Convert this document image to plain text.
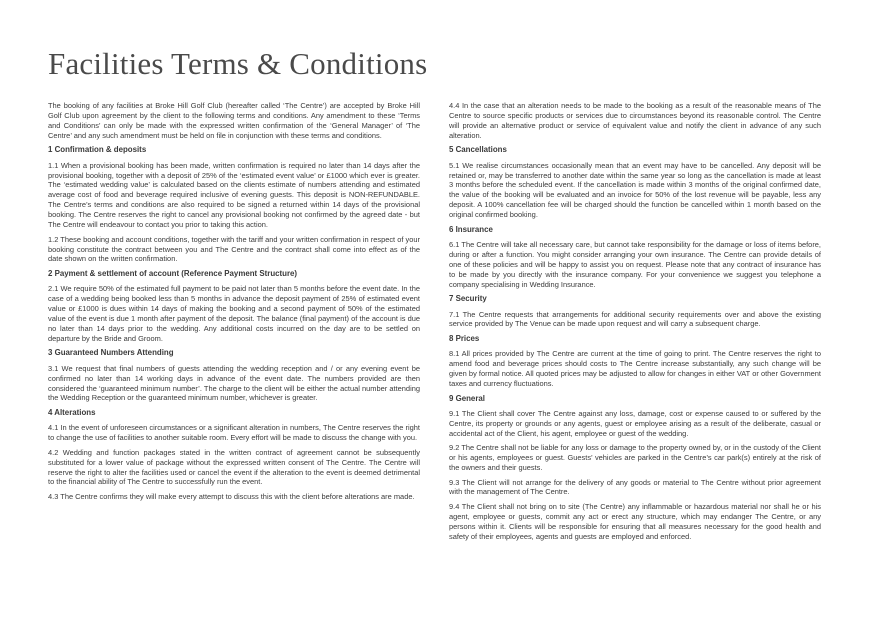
Facilities Terms & Conditions

The booking of any facilities at Broke Hill Golf Club (hereafter called ‘The Centre’) are accepted by Broke Hill Golf Club upon agreement by the client to the following terms and conditions. Any amendment to these ‘Terms and Conditions’ can only be made with the expressed written confirmation of the ‘General Manager’ of ‘The Centre’ and any such amendment must be held on file in conjunction with these terms and conditions.

1 Confirmation & deposits

1.1 When a provisional booking has been made, written confirmation is required no later than 14 days after the provisional booking, together with a deposit of 25% of the ‘estimated event value’ or £1000 which ever is greater. The ‘estimated wedding value’ is calculated based on the clients estimate of numbers attending and estimated average cost of food and beverage required inclusive of evening guests. This deposit is NON-REFUNDABLE. The Centre’s terms and conditions are also required to be signed a returned within 14 days of the provisional booking. The Centre reserves the right to cancel any provisional booking not confirmed by the agreed date - but The Centre will endeavour to contact you prior to taking this action.

1.2 These booking and account conditions, together with the tariff and your written confirmation in respect of your booking constitute the contract between you and The Centre and the contract shall come into effect as of the date shown on the written confirmation.

2 Payment & settlement of account (Reference Payment Structure)

2.1 We require 50% of the estimated full payment to be paid not later than 5 months before the event date. In the case of a wedding being booked less than 5 months in advance the deposit payment of 25% of estimated event value or £1000 is dues within 14 days of making the booking and a second payment of 50% of the estimated value of the event is due 1 month after payment of the deposit. The balance (final payment) of the account is due no later than 14 days prior to the wedding. Any additional costs incurred on the day are to be settled on departure by the Bride and Groom.

3 Guaranteed Numbers Attending

3.1 We request that final numbers of guests attending the wedding reception and / or any evening event be confirmed no later than 14 working days in advance of the event date. The numbers provided are then considered the ‘guaranteed minimum number’. The charge to the client will be either the actual number attending the Wedding Reception or the guaranteed minimum number, whichever is greater.

4 Alterations

4.1 In the event of unforeseen circumstances or a significant alteration in numbers, The Centre reserves the right to change the use of facilities to another suitable room. Every effort will be made to discuss the change with you.

4.2 Wedding and function packages stated in the written contract of agreement cannot be subsequently substituted for a lower value of package without the expressed written consent of The Centre. The Centre will reserve the right to alter the facilities used or cancel the event if the alteration to the event is deemed detrimental to the financial ability of The Centre to successfully run the event.

4.3 The Centre confirms they will make every attempt to discuss this with the client before alterations are made.

4.4 In the case that an alteration needs to be made to the booking as a result of the reasonable means of The Centre to source specific products or services due to circumstances beyond its reasonable control. The Centre will provide an alternative product or service of equivalent value and notify the client in advance of any such alteration.

5 Cancellations

5.1 We realise circumstances occasionally mean that an event may have to be cancelled. Any deposit will be retained or, may be transferred to another date within the same year so long as the cancellation is made at least 3 months before the scheduled event. If the cancellation is made within 3 months of the original confirmed date, the value of the booking will be evaluated and an invoice for 50% of the lost revenue will be payable, less any deposit. A 100% cancellation fee will be charged should the function be cancelled within 1 month based on the original confirmed booking.

6 Insurance

6.1 The Centre will take all necessary care, but cannot take responsibility for the damage or loss of items before, during or after a function. You might consider arranging your own insurance. The Centre can provide details of one of these policies and will be happy to assist you on request. Please note that any contract of insurance has to be made by you directly with the insurance company. For your convenience we suggest you telephone a company specialising in Wedding Insurance.

7 Security

7.1 The Centre requests that arrangements for additional security requirements over and above the existing service provided by The Venue can be made upon request and will carry a subsequent charge.

8 Prices

8.1 All prices provided by The Centre are current at the time of going to print. The Centre reserves the right to amend food and beverage prices should costs to The Centre increase substantially, any such change will be given by formal notice. All quoted prices may be adjusted to allow for changes in either VAT or other Government taxes and currency fluctuations.

9 General

9.1 The Client shall cover The Centre against any loss, damage, cost or expense caused to or suffered by the Centre, its property or grounds or any agents, guest or employee arising as a result of the deliberate, casual or accidental act of the Client, his agent, employee or guest of the wedding.

9.2 The Centre shall not be liable for any loss or damage to the property owned by, or in the custody of the Client or his agents, employees or guest. Guests’ vehicles are parked in the Centre’s car park(s) entirely at the risk of the owners and their guests.

9.3 The Client will not arrange for the delivery of any goods or material to The Centre without prior agreement with the management of The Centre.

9.4 The Client shall not bring on to site (The Centre) any inflammable or hazardous material nor shall he or his agent, employee or guests, commit any act or erect any structure, which may endanger The Centre, or any persons within it. Clients will be responsible for ensuring that all measures necessary for the good health and safety of their employees, agents and guests are employed and enforced.
